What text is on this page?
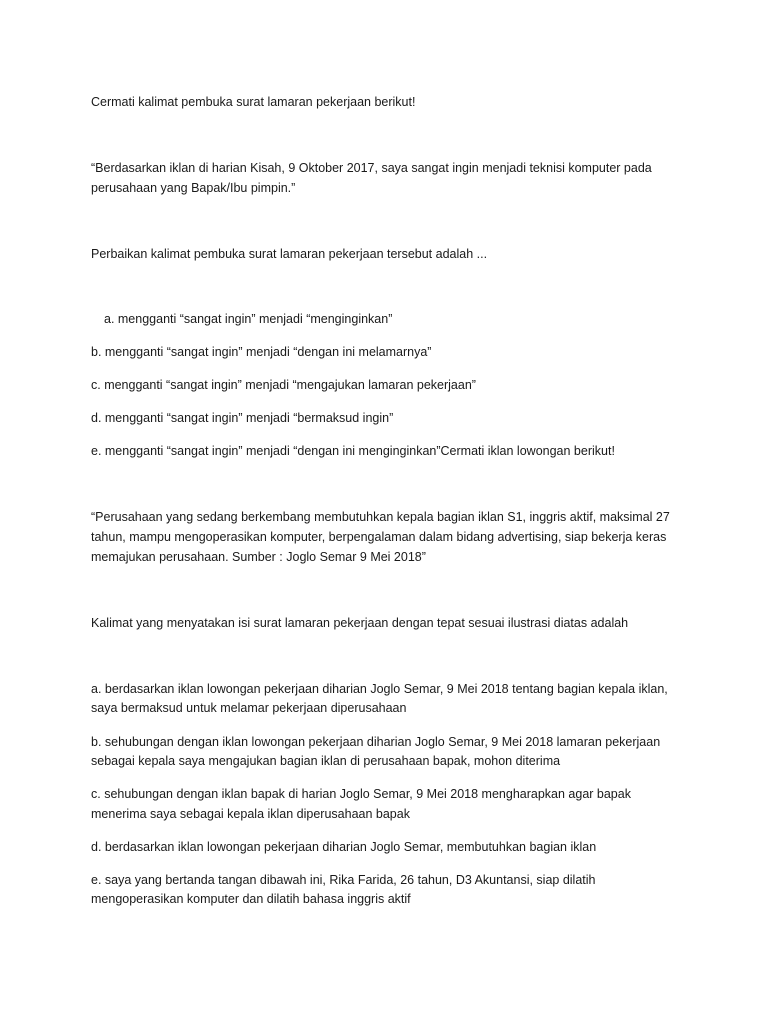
Cermati kalimat pembuka surat lamaran pekerjaan berikut!
“Berdasarkan iklan di harian Kisah, 9 Oktober 2017, saya sangat ingin menjadi teknisi komputer pada
perusahaan yang Bapak/Ibu pimpin.”
Perbaikan kalimat pembuka surat lamaran pekerjaan tersebut adalah ...
a. mengganti “sangat ingin” menjadi “menginginkan”
b. mengganti “sangat ingin” menjadi “dengan ini melamarnya”
c. mengganti “sangat ingin” menjadi “mengajukan lamaran pekerjaan”
d. mengganti “sangat ingin” menjadi “bermaksud ingin”
e. mengganti “sangat ingin” menjadi “dengan ini menginginkan”Cermati iklan lowongan berikut!
“Perusahaan yang sedang berkembang membutuhkan kepala bagian iklan S1, inggris aktif, maksimal 27
tahun, mampu mengoperasikan komputer, berpengalaman dalam bidang advertising, siap bekerja keras
memajukan perusahaan. Sumber : Joglo Semar 9 Mei 2018”
Kalimat yang menyatakan isi surat lamaran pekerjaan dengan tepat sesuai ilustrasi diatas adalah
a. berdasarkan iklan lowongan pekerjaan diharian Joglo Semar, 9 Mei 2018 tentang bagian kepala iklan,
saya bermaksud untuk melamar pekerjaan diperusahaan
b. sehubungan dengan iklan lowongan pekerjaan diharian Joglo Semar, 9 Mei 2018 lamaran pekerjaan
sebagai kepala saya mengajukan bagian iklan di perusahaan bapak, mohon diterima
c. sehubungan dengan iklan bapak di harian Joglo Semar, 9 Mei 2018 mengharapkan agar bapak
menerima saya sebagai kepala iklan diperusahaan bapak
d. berdasarkan iklan lowongan pekerjaan diharian Joglo Semar, membutuhkan bagian iklan
e. saya yang bertanda tangan dibawah ini, Rika Farida, 26 tahun, D3 Akuntansi, siap dilatih
mengoperasikan komputer dan dilatih bahasa inggris aktif
